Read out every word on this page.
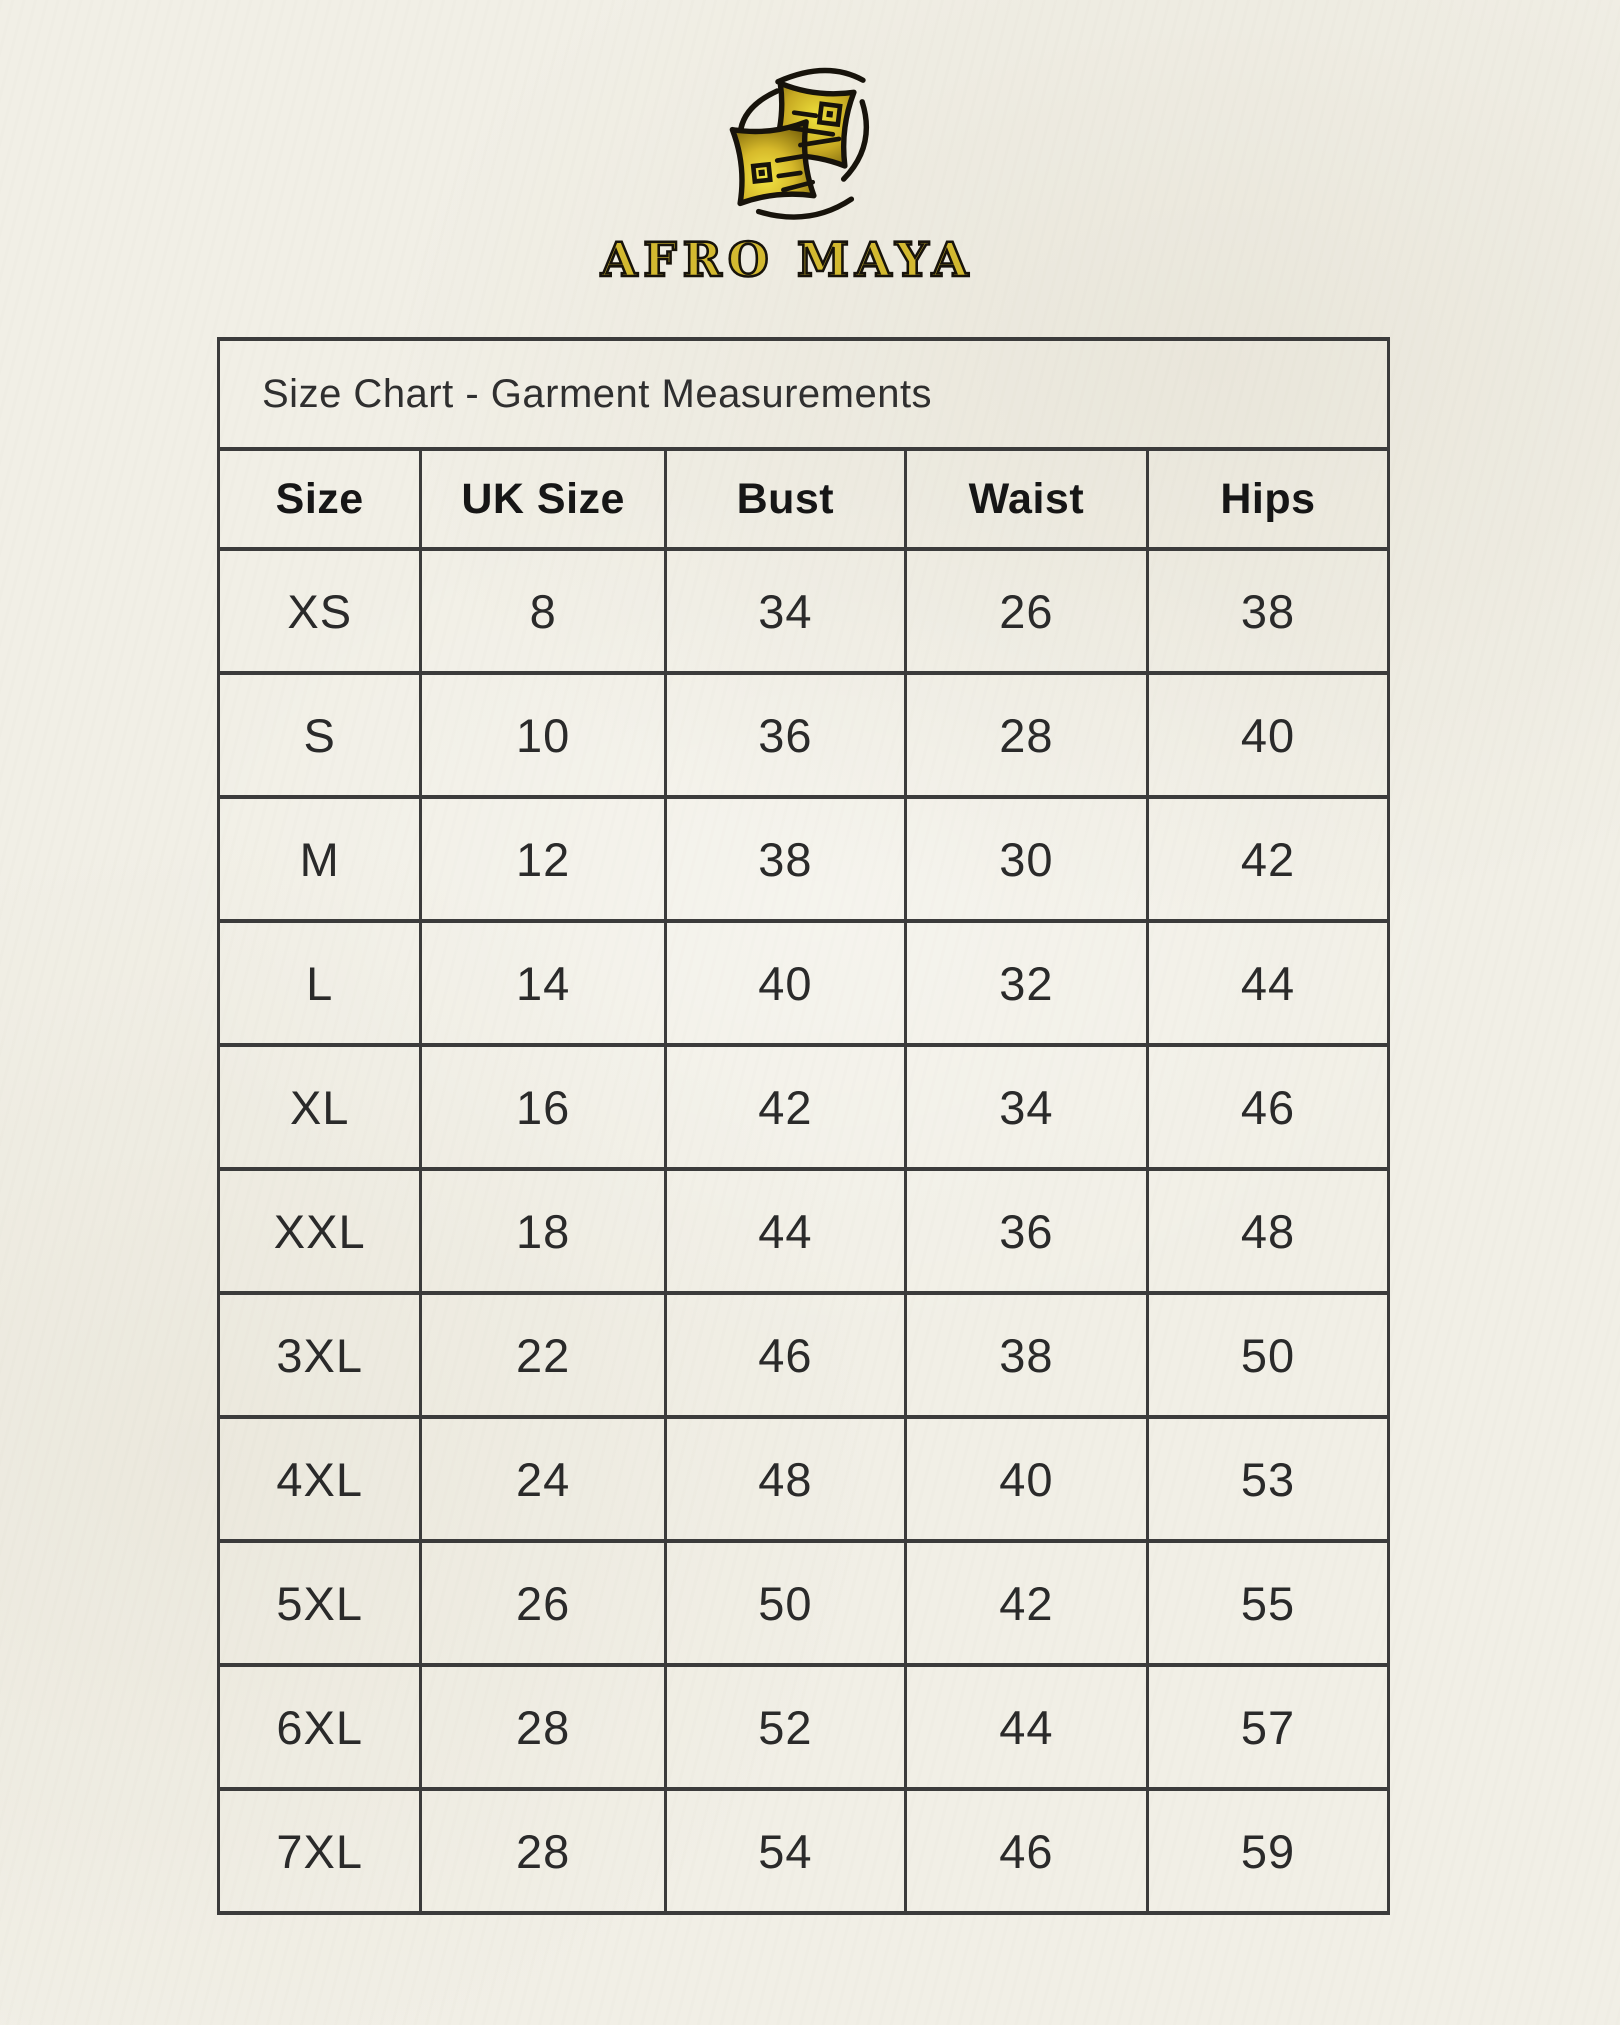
AFRO MAYA
Size Chart - Garment Measurements				
Size	UK Size	Bust	Waist	Hips
XS	8	34	26	38
S	10	36	28	40
M	12	38	30	42
L	14	40	32	44
XL	16	42	34	46
XXL	18	44	36	48
3XL	22	46	38	50
4XL	24	48	40	53
5XL	26	50	42	55
6XL	28	52	44	57
7XL	28	54	46	59
